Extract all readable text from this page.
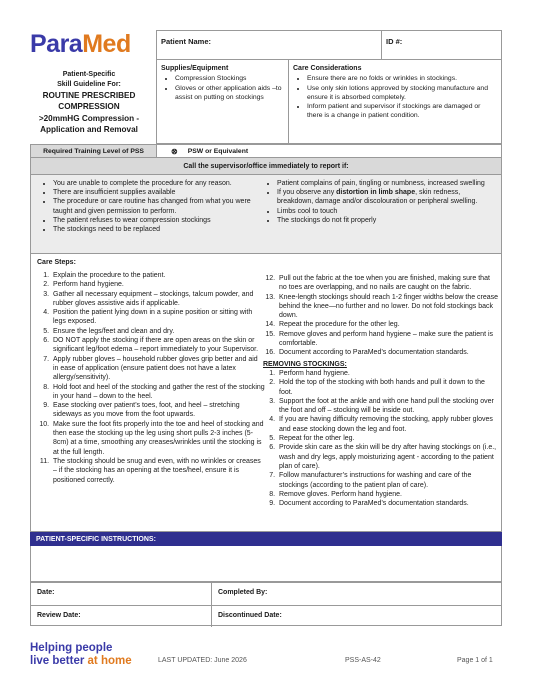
ParaMed	Patient Name:	ID #:
Patient-Specific
Skill Guideline For:
ROUTINE PRESCRIBED
COMPRESSION
>20mmHG Compression -
Application and Removal
Supplies/Equipment
• Compression Stockings
• Gloves or other application aids –to assist on putting on stockings
Care Considerations
• Ensure there are no folds or wrinkles in stockings.
• Use only skin lotions approved by stocking manufacture and ensure it is absorbed completely.
• Inform patient and supervisor if stockings are damaged or there is a change in patient condition.
Required Training Level of PSS	⊗ PSW or Equivalent
Call the supervisor/office immediately to report if:
• You are unable to complete the procedure for any reason.
• There are insufficient supplies available
• The procedure or care routine has changed from what you were taught and given permission to perform.
• The patient refuses to wear compression stockings
• The stockings need to be replaced
• Patient complains of pain, tingling or numbness, increased swelling
• If you observe any distortion in limb shape, skin redness, breakdown, damage and/or discolouration or peripheral swelling.
• Limbs cool to touch
• The stockings do not fit properly
Care Steps:
1. Explain the procedure to the patient.
2. Perform hand hygiene.
3. Gather all necessary equipment – stockings, talcum powder, and rubber gloves assistive aids if applicable.
4. Position the patient lying down in a supine position or sitting with legs exposed.
5. Ensure the legs/feet and clean and dry.
6. DO NOT apply the stocking if there are open areas on the skin or significant leg/foot edema – report immediately to your Supervisor.
7. Apply rubber gloves – household rubber gloves grip better and aid in ease of application (ensure patient does not have a latex allergy/sensitivity).
8. Hold foot and heel of the stocking and gather the rest of the stocking in your hand – down to the heel.
9. Ease stocking over patient’s toes, foot, and heel – stretching sideways as you move from the foot upwards.
10. Make sure the foot fits properly into the toe and heel of stocking and then ease the stocking up the leg using short pulls 2-3 inches (5-8cm) at a time, smoothing any creases/wrinkles until the stocking is at the full length.
11. The stocking should be snug and even, with no wrinkles or creases – if the stocking has an opening at the toes/heel, ensure it is positioned correctly.
12. Pull out the fabric at the toe when you are finished, making sure that no toes are overlapping, and no nails are caught on the fabric.
13. Knee-length stockings should reach 1-2 finger widths below the crease behind the knee—no further and no lower. Do not fold stockings back down.
14. Repeat the procedure for the other leg.
15. Remove gloves and perform hand hygiene – make sure the patient is comfortable.
16. Document according to ParaMed’s documentation standards.
REMOVING STOCKINGS:
1. Perform hand hygiene.
2. Hold the top of the stocking with both hands and pull it down to the foot.
3. Support the foot at the ankle and with one hand pull the stocking over the foot and off – stocking will be inside out.
4. If you are having difficulty removing the stocking, apply rubber gloves and ease stocking down the leg and foot.
5. Repeat for the other leg.
6. Provide skin care as the skin will be dry after having stockings on (i.e., wash and dry legs, apply moisturizing agent - according to the patient plan of care).
7. Follow manufacturer’s instructions for washing and care of the stockings (according to the patient plan of care).
8. Remove gloves. Perform hand hygiene.
9. Document according to ParaMed’s documentation standards.
PATIENT-SPECIFIC INSTRUCTIONS:
Date:	Completed By:
Review Date:	Discontinued Date:
Helping people
live better at home	LAST UPDATED: June 2026	PSS-AS-42	Page 1 of 1
